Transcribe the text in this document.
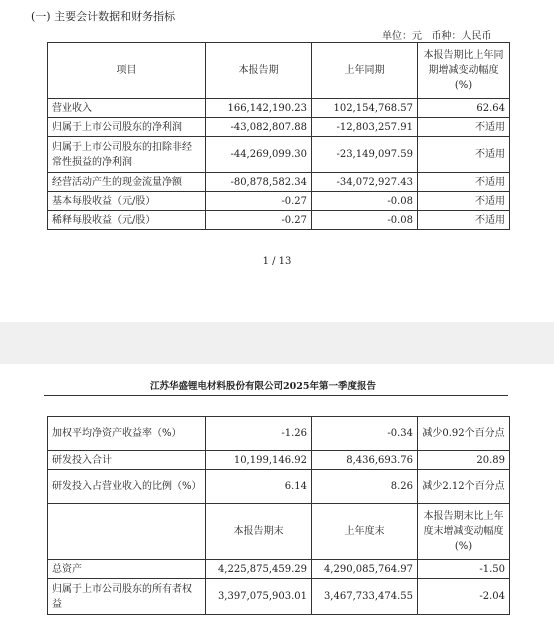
(一) 主要会计数据和财务指标
单位：元   币种：人民币
项目	本报告期	上年同期	本报告期比上年同期增减变动幅度(%)
营业收入	166,142,190.23	102,154,768.57	62.64
归属于上市公司股东的净利润	-43,082,807.88	-12,803,257.91	不适用
归属于上市公司股东的扣除非经常性损益的净利润	-44,269,099.30	-23,149,097.59	不适用
经营活动产生的现金流量净额	-80,878,582.34	-34,072,927.43	不适用
基本每股收益（元/股）	-0.27	-0.08	不适用
稀释每股收益（元/股）	-0.27	-0.08	不适用
1 / 13
江苏华盛锂电材料股份有限公司2025年第一季度报告
加权平均净资产收益率（%）	-1.26	-0.34	减少0.92个百分点
研发投入合计	10,199,146.92	8,436,693.76	20.89
研发投入占营业收入的比例（%）	6.14	8.26	减少2.12个百分点
	本报告期末	上年度末	本报告期末比上年度末增减变动幅度(%)
总资产	4,225,875,459.29	4,290,085,764.97	-1.50
归属于上市公司股东的所有者权益	3,397,075,903.01	3,467,733,474.55	-2.04
